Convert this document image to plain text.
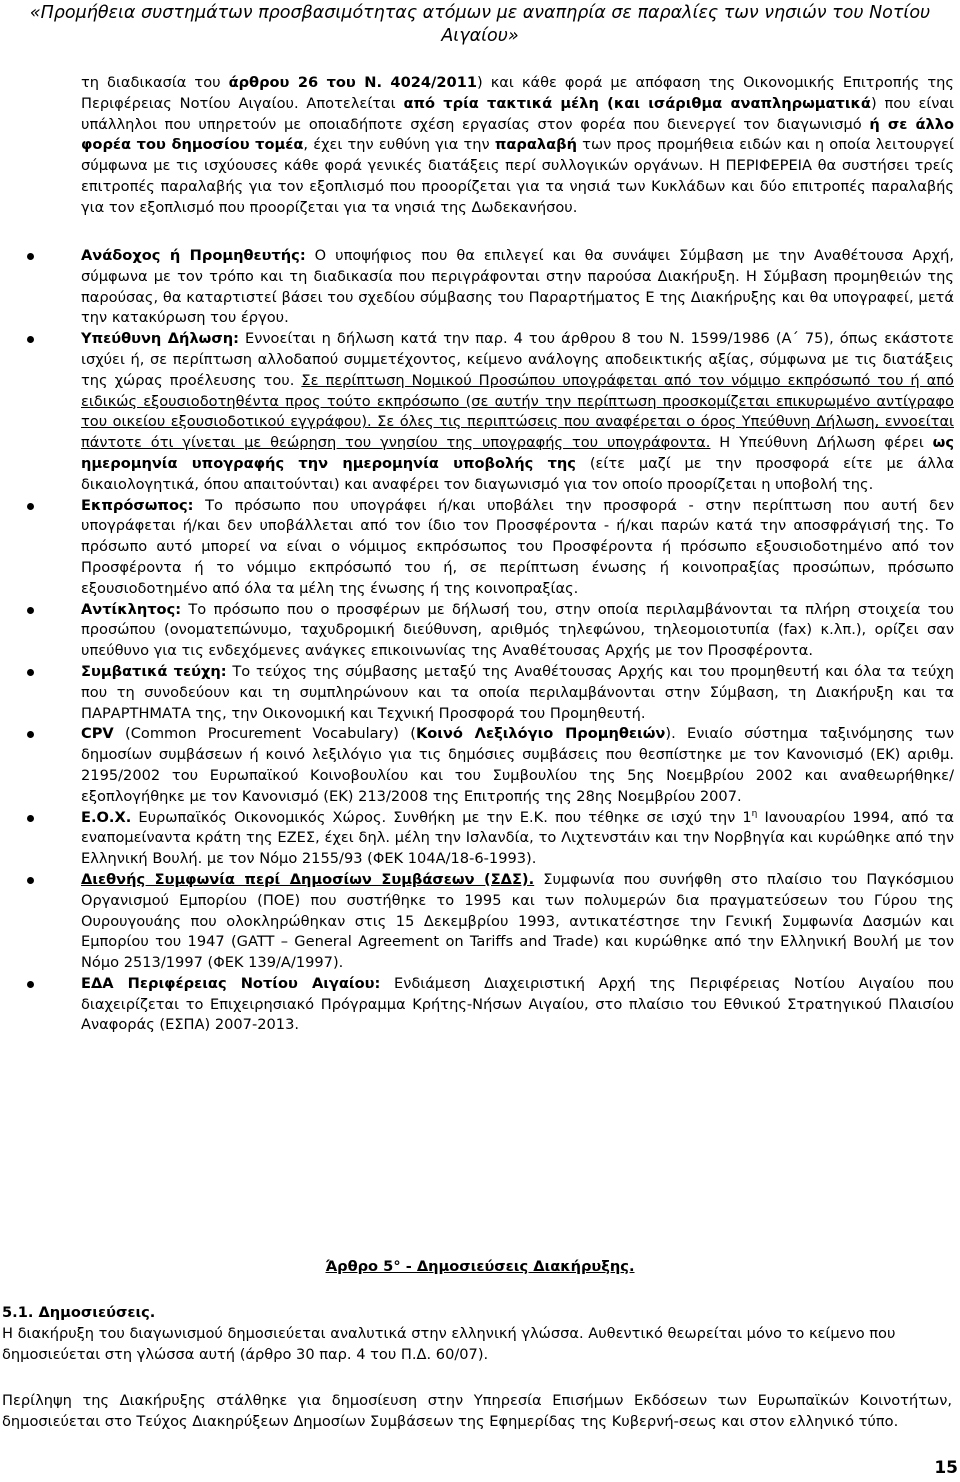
«Προμήθεια συστημάτων προσβασιμότητας ατόμων με αναπηρία σε παραλίες των νησιών του Νοτίου
Αιγαίου»

τη διαδικασία του άρθρου 26 του Ν. 4024/2011) και κάθε φορά με απόφαση της Οικονομικής Επιτροπής της Περιφέρειας Νοτίου Αιγαίου. Αποτελείται από τρία τακτικά μέλη (και ισάριθμα αναπληρωματικά) που είναι υπάλληλοι που υπηρετούν με οποιαδήποτε σχέση εργασίας στον φορέα που διενεργεί τον διαγωνισμό ή σε άλλο φορέα του δημοσίου τομέα, έχει την ευθύνη για την παραλαβή των προς προμήθεια ειδών και η οποία λειτουργεί σύμφωνα με τις ισχύουσες κάθε φορά γενικές διατάξεις περί συλλογικών οργάνων. Η ΠΕΡΙΦΕΡΕΙΑ θα συστήσει τρείς επιτροπές παραλαβής για τον εξοπλισμό που προορίζεται για τα νησιά των Κυκλάδων και δύο επιτροπές παραλαβής για τον εξοπλισμό που προορίζεται για τα νησιά της Δωδεκανήσου.

Ανάδοχος ή Προμηθευτής: Ο υποψήφιος που θα επιλεγεί και θα συνάψει Σύμβαση με την Αναθέτουσα Αρχή, σύμφωνα με τον τρόπο και τη διαδικασία που περιγράφονται στην παρούσα Διακήρυξη. Η Σύμβαση προμηθειών της παρούσας, θα καταρτιστεί βάσει του σχεδίου σύμβασης του Παραρτήματος Ε της Διακήρυξης και θα υπογραφεί, μετά την κατακύρωση του έργου.

Υπεύθυνη Δήλωση: Εννοείται η δήλωση κατά την παρ. 4 του άρθρου 8 του Ν. 1599/1986 (Α΄ 75), όπως εκάστοτε ισχύει ή, σε περίπτωση αλλοδαπού συμμετέχοντος, κείμενο ανάλογης αποδεικτικής αξίας, σύμφωνα με τις διατάξεις της χώρας προέλευσης του. Σε περίπτωση Νομικού Προσώπου υπογράφεται από τον νόμιμο εκπρόσωπό του ή από ειδικώς εξουσιοδοτηθέντα προς τούτο εκπρόσωπο (σε αυτήν την περίπτωση προσκομίζεται επικυρωμένο αντίγραφο του οικείου εξουσιοδοτικού εγγράφου). Σε όλες τις περιπτώσεις που αναφέρεται ο όρος Υπεύθυνη Δήλωση, εννοείται πάντοτε ότι γίνεται με θεώρηση του γνησίου της υπογραφής του υπογράφοντα. Η Υπεύθυνη Δήλωση φέρει ως ημερομηνία υπογραφής την ημερομηνία υποβολής της (είτε μαζί με την προσφορά είτε με άλλα δικαιολογητικά, όπου απαιτούνται) και αναφέρει τον διαγωνισμό για τον οποίο προορίζεται η υποβολή της.

Εκπρόσωπος: Το πρόσωπο που υπογράφει ή/και υποβάλει την προσφορά - στην περίπτωση που αυτή δεν υπογράφεται ή/και δεν υποβάλλεται από τον ίδιο τον Προσφέροντα - ή/και παρών κατά την αποσφράγισή της. Το πρόσωπο αυτό μπορεί να είναι ο νόμιμος εκπρόσωπος του Προσφέροντα ή πρόσωπο εξουσιοδοτημένο από τον Προσφέροντα ή το νόμιμο εκπρόσωπό του ή, σε περίπτωση ένωσης ή κοινοπραξίας προσώπων, πρόσωπο εξουσιοδοτημένο από όλα τα μέλη της ένωσης ή της κοινοπραξίας.

Αντίκλητος: Το πρόσωπο που ο προσφέρων με δήλωσή του, στην οποία περιλαμβάνονται τα πλήρη στοιχεία του προσώπου (ονοματεπώνυμο, ταχυδρομική διεύθυνση, αριθμός τηλεφώνου, τηλεομοιοτυπία (fax) κ.λπ.), ορίζει σαν υπεύθυνο για τις ενδεχόμενες ανάγκες επικοινωνίας της Αναθέτουσας Αρχής με τον Προσφέροντα.

Συμβατικά τεύχη: Το τεύχος της σύμβασης μεταξύ της Αναθέτουσας Αρχής και του προμηθευτή και όλα τα τεύχη που τη συνοδεύουν και τη συμπληρώνουν και τα οποία περιλαμβάνονται στην Σύμβαση, τη Διακήρυξη και τα ΠΑΡΑΡΤΗΜΑΤΑ της, την Οικονομική και Τεχνική Προσφορά του Προμηθευτή.

CPV (Common Procurement Vocabulary) (Κοινό Λεξιλόγιο Προμηθειών). Ενιαίο σύστημα ταξινόμησης των δημοσίων συμβάσεων ή κοινό λεξιλόγιο για τις δημόσιες συμβάσεις που θεσπίστηκε με τον Κανονισμό (ΕΚ) αριθμ. 2195/2002 του Ευρωπαϊκού Κοινοβουλίου και του Συμβουλίου της 5ης Νοεμβρίου 2002 και αναθεωρήθηκε/εξοπλογήθηκε με τον Κανονισμό (ΕΚ) 213/2008 της Επιτροπής της 28ης Νοεμβρίου 2007.

Ε.Ο.Χ. Ευρωπαϊκός Οικονομικός Χώρος. Συνθήκη με την Ε.Κ. που τέθηκε σε ισχύ την $1^\eta$ Ιανουαρίου 1994, από τα εναπομείναντα κράτη της ΕΖΕΣ, έχει δηλ. μέλη την Ισλανδία, το Λιχτενστάιν και την Νορβηγία και κυρώθηκε από την Ελληνική Βουλή. με τον Νόμο 2155/93 (ΦΕΚ 104Α/18-6-1993).

Διεθνής Συμφωνία περί Δημοσίων Συμβάσεων (ΣΔΣ). Συμφωνία που συνήφθη στο πλαίσιο του Παγκόσμιου Οργανισμού Εμπορίου (ΠΟΕ) που συστήθηκε το 1995 και των πολυμερών δια πραγματεύσεων του Γύρου της Ουρουγουάης που ολοκληρώθηκαν στις 15 Δεκεμβρίου 1993, αντικατέστησε την Γενική Συμφωνία Δασμών και Εμπορίου του 1947 (GATT – General Agreement on Tariffs and Trade) και κυρώθηκε από την Ελληνική Βουλή με τον Νόμο 2513/1997 (ΦΕΚ 139/Α/1997).

ΕΔΑ Περιφέρειας Νοτίου Αιγαίου: Ενδιάμεση Διαχειριστική Αρχή της Περιφέρειας Νοτίου Αιγαίου που διαχειρίζεται το Επιχειρησιακό Πρόγραμμα Κρήτης-Νήσων Αιγαίου, στο πλαίσιο του Εθνικού Στρατηγικού Πλαισίου Αναφοράς (ΕΣΠΑ) 2007-2013.

Άρθρο 5° - Δημοσιεύσεις Διακήρυξης.
5.1. Δημοσιεύσεις.

Η διακήρυξη του διαγωνισμού δημοσιεύεται αναλυτικά στην ελληνική γλώσσα. Αυθεντικό θεωρείται μόνο το κείμενο που δημοσιεύεται στη γλώσσα αυτή (άρθρο 30 παρ. 4 του Π.Δ. 60/07).

Περίληψη της Διακήρυξης στάλθηκε για δημοσίευση στην Υπηρεσία Επισήμων Εκδόσεων των Ευρωπαϊκών Κοινοτήτων, δημοσιεύεται στο Τεύχος Διακηρύξεων Δημοσίων Συμβάσεων της Εφημερίδας της Κυβερνή-σεως και στον ελληνικό τύπο.

15
